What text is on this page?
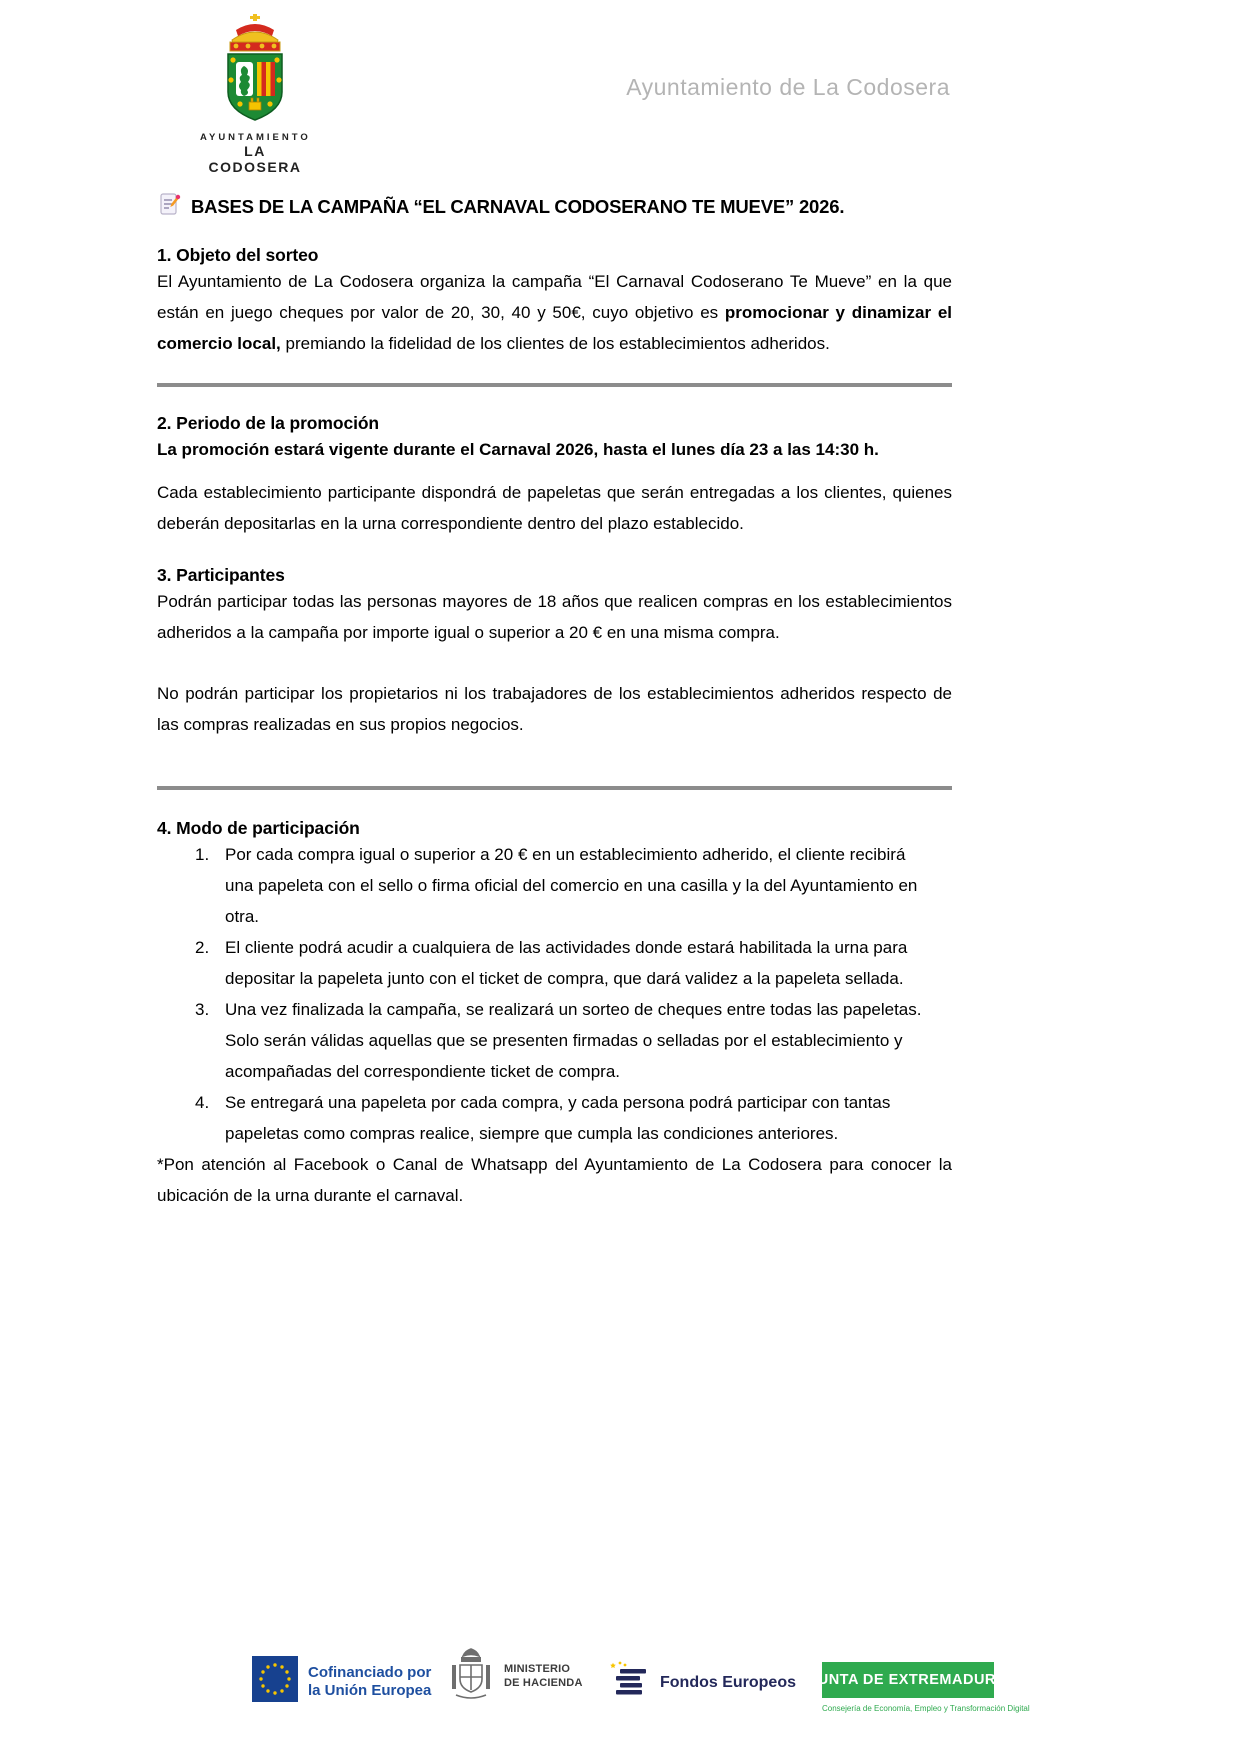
AYUNTAMIENTO
LA CODOSERA
Ayuntamiento de La Codosera
BASES DE LA CAMPAÑA “EL CARNAVAL CODOSERANO TE MUEVE” 2026.
1. Objeto del sorteo

El Ayuntamiento de La Codosera organiza la campaña “El Carnaval Codoserano Te Mueve” en la que están en juego cheques por valor de 20, 30, 40 y 50€, cuyo objetivo es promocionar y dinamizar el comercio local, premiando la fidelidad de los clientes de los establecimientos adheridos.

2. Periodo de la promoción

La promoción estará vigente durante el Carnaval 2026, hasta el lunes día 23 a las 14:30 h.

Cada establecimiento participante dispondrá de papeletas que serán entregadas a los clientes, quienes deberán depositarlas en la urna correspondiente dentro del plazo establecido.

3. Participantes

Podrán participar todas las personas mayores de 18 años que realicen compras en los establecimientos adheridos a la campaña por importe igual o superior a 20 € en una misma compra.

No podrán participar los propietarios ni los trabajadores de los establecimientos adheridos respecto de las compras realizadas en sus propios negocios.

4. Modo de participación
1. Por cada compra igual o superior a 20 € en un establecimiento adherido, el cliente recibirá una papeleta con el sello o firma oficial del comercio en una casilla y la del Ayuntamiento en otra.
2. El cliente podrá acudir a cualquiera de las actividades donde estará habilitada la urna para depositar la papeleta junto con el ticket de compra, que dará validez a la papeleta sellada.
3. Una vez finalizada la campaña, se realizará un sorteo de cheques entre todas las papeletas. Solo serán válidas aquellas que se presenten firmadas o selladas por el establecimiento y acompañadas del correspondiente ticket de compra.
4. Se entregará una papeleta por cada compra, y cada persona podrá participar con tantas papeletas como compras realice, siempre que cumpla las condiciones anteriores.

*Pon atención al Facebook o Canal de Whatsapp del Ayuntamiento de La Codosera para conocer la ubicación de la urna durante el carnaval.

Cofinanciado por
la Unión Europea
MINISTERIO
DE HACIENDA	Fondos Europeos JUNTA DE EXTREMADURA
Consejería de Economía, Empleo y Transformación Digital
